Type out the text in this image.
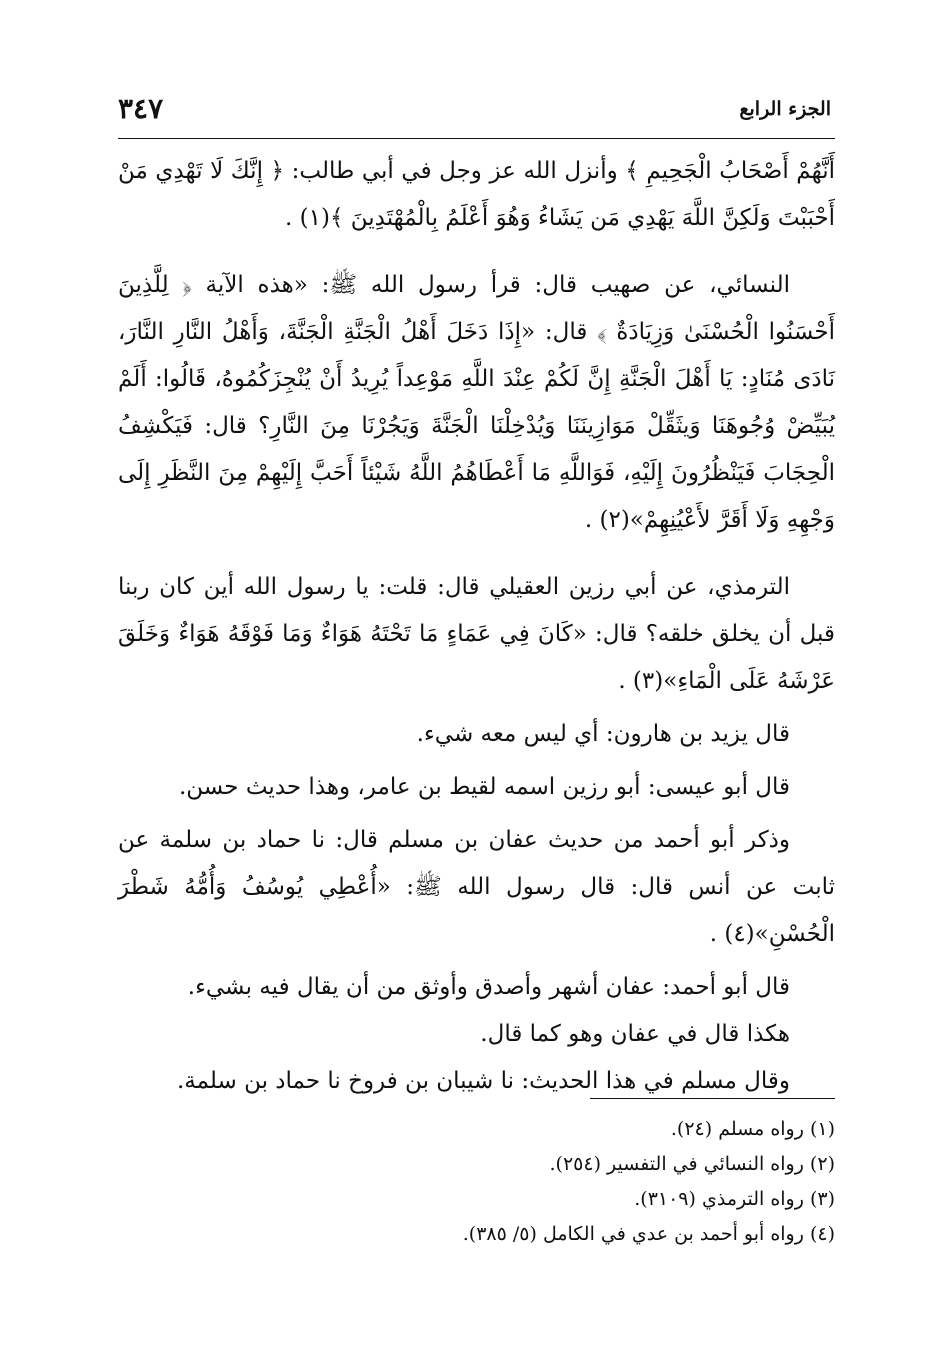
الجزء الرابع
٣٤٧

أَنَّهُمْ أَصْحَابُ الْجَحِيمِ ﴾ وأنزل الله عز وجل في أبي طالب: ﴿ إِنَّكَ لَا تَهْدِي مَنْ أَحْبَبْتَ وَلَكِنَّ اللَّهَ يَهْدِي مَن يَشَاءُ وَهُوَ أَعْلَمُ بِالْمُهْتَدِينَ ﴾(١) .

النسائي، عن صهيب قال: قرأ رسول الله ﷺ: «هذه الآية ﴿ لِلَّذِينَ أَحْسَنُوا الْحُسْنَىٰ وَزِيَادَةٌ ﴾ قال: «إِذَا دَخَلَ أَهْلُ الْجَنَّةِ الْجَنَّةَ، وَأَهْلُ النَّارِ النَّارَ، نَادَى مُنَادٍ: يَا أَهْلَ الْجَنَّةِ إِنَّ لَكُمْ عِنْدَ اللَّهِ مَوْعِداً يُرِيدُ أَنْ يُنْجِزَكُمُوهُ، قَالُوا: أَلَمْ يُبَيِّضْ وُجُوهَنَا وَيثَقِّلْ مَوَازِينَنَا وَيُدْخِلْنَا الْجَنَّةَ وَيَجُرْنَا مِنَ النَّارِ؟ قال: فَيَكْشِفُ الْحِجَابَ فَيَنْظُرُونَ إِلَيْهِ، فَوَاللَّهِ مَا أَعْطَاهُمُ اللَّهُ شَيْئاً أَحَبَّ إِلَيْهِمْ مِنَ النَّظَرِ إِلَى وَجْهِهِ وَلَا أَقَرَّ لأَعْيُنِهِمْ»(٢) .

الترمذي، عن أبي رزين العقيلي قال: قلت: يا رسول الله أين كان ربنا قبل أن يخلق خلقه؟ قال: «كَانَ فِي عَمَاءٍ مَا تَحْتَهُ هَوَاءٌ وَمَا فَوْقَهُ هَوَاءٌ وَخَلَقَ عَرْشَهُ عَلَى الْمَاءِ»(٣) .

قال يزيد بن هارون: أي ليس معه شيء.

قال أبو عيسى: أبو رزين اسمه لقيط بن عامر، وهذا حديث حسن.

وذكر أبو أحمد من حديث عفان بن مسلم قال: نا حماد بن سلمة عن ثابت عن أنس قال: قال رسول الله ﷺ: «أُعْطِي يُوسُفُ وَأُمُّهُ شَطْرَ الْحُسْنِ»(٤) .

قال أبو أحمد: عفان أشهر وأصدق وأوثق من أن يقال فيه بشيء.

هكذا قال في عفان وهو كما قال.

وقال مسلم في هذا الحديث: نا شيبان بن فروخ نا حماد بن سلمة.

(١) رواه مسلم (٢٤).

(٢) رواه النسائي في التفسير (٢٥٤).

(٣) رواه الترمذي (٣١٠٩).

(٤) رواه أبو أحمد بن عدي في الكامل (٥/ ٣٨٥).
